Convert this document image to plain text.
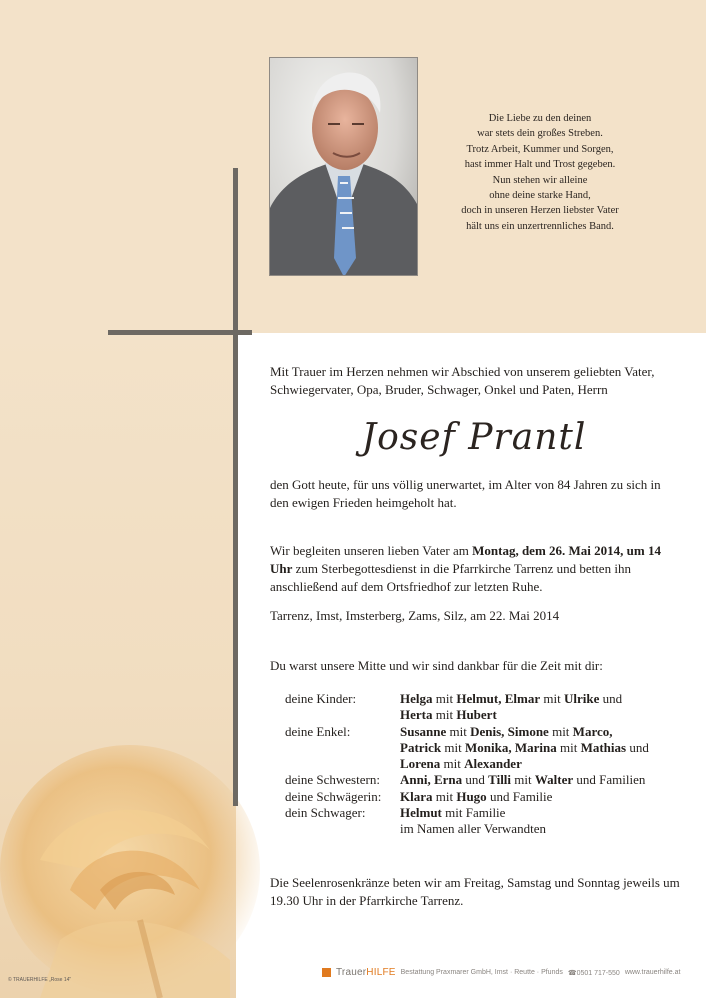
Die Liebe zu den deinen
war stets dein großes Streben.
Trotz Arbeit, Kummer und Sorgen,
hast immer Halt und Trost gegeben.
Nun stehen wir alleine
ohne deine starke Hand,
doch in unseren Herzen liebster Vater
hält uns ein unzertrennliches Band.
Mit Trauer im Herzen nehmen wir Abschied von unserem geliebten Vater, Schwiegervater, Opa, Bruder, Schwager, Onkel und Paten, Herrn
Josef Prantl
den Gott heute, für uns völlig unerwartet, im Alter von 84 Jahren zu sich in den ewigen Frieden heimgeholt hat.
Wir begleiten unseren lieben Vater am Montag, dem 26. Mai 2014, um 14 Uhr zum Sterbegottesdienst in die Pfarrkirche Tarrenz und betten ihn anschließend auf dem Ortsfriedhof zur letzten Ruhe.
Tarrenz, Imst, Imsterberg, Zams, Silz, am 22. Mai 2014
Du warst unsere Mitte und wir sind dankbar für die Zeit mit dir:
deine Kinder:	Helga mit Helmut, Elmar mit Ulrike und
Herta mit Hubert
deine Enkel:	Susanne mit Denis, Simone mit Marco,
Patrick mit Monika, Marina mit Mathias und
Lorena mit Alexander
deine Schwestern:	Anni, Erna und Tilli mit Walter und Familien
deine Schwägerin:	Klara mit Hugo und Familie
dein Schwager:	Helmut mit Familie
im Namen aller Verwandten
Die Seelenrosenkränze beten wir am Freitag, Samstag und Sonntag jeweils um 19.30 Uhr in der Pfarrkirche Tarrenz.
TrauerHILFE Bestattung Praxmarer GmbH, Imst · Reutte · Pfunds ☎0501 717-550 www.trauerhilfe.at
© TRAUERHILFE „Rose 14"
